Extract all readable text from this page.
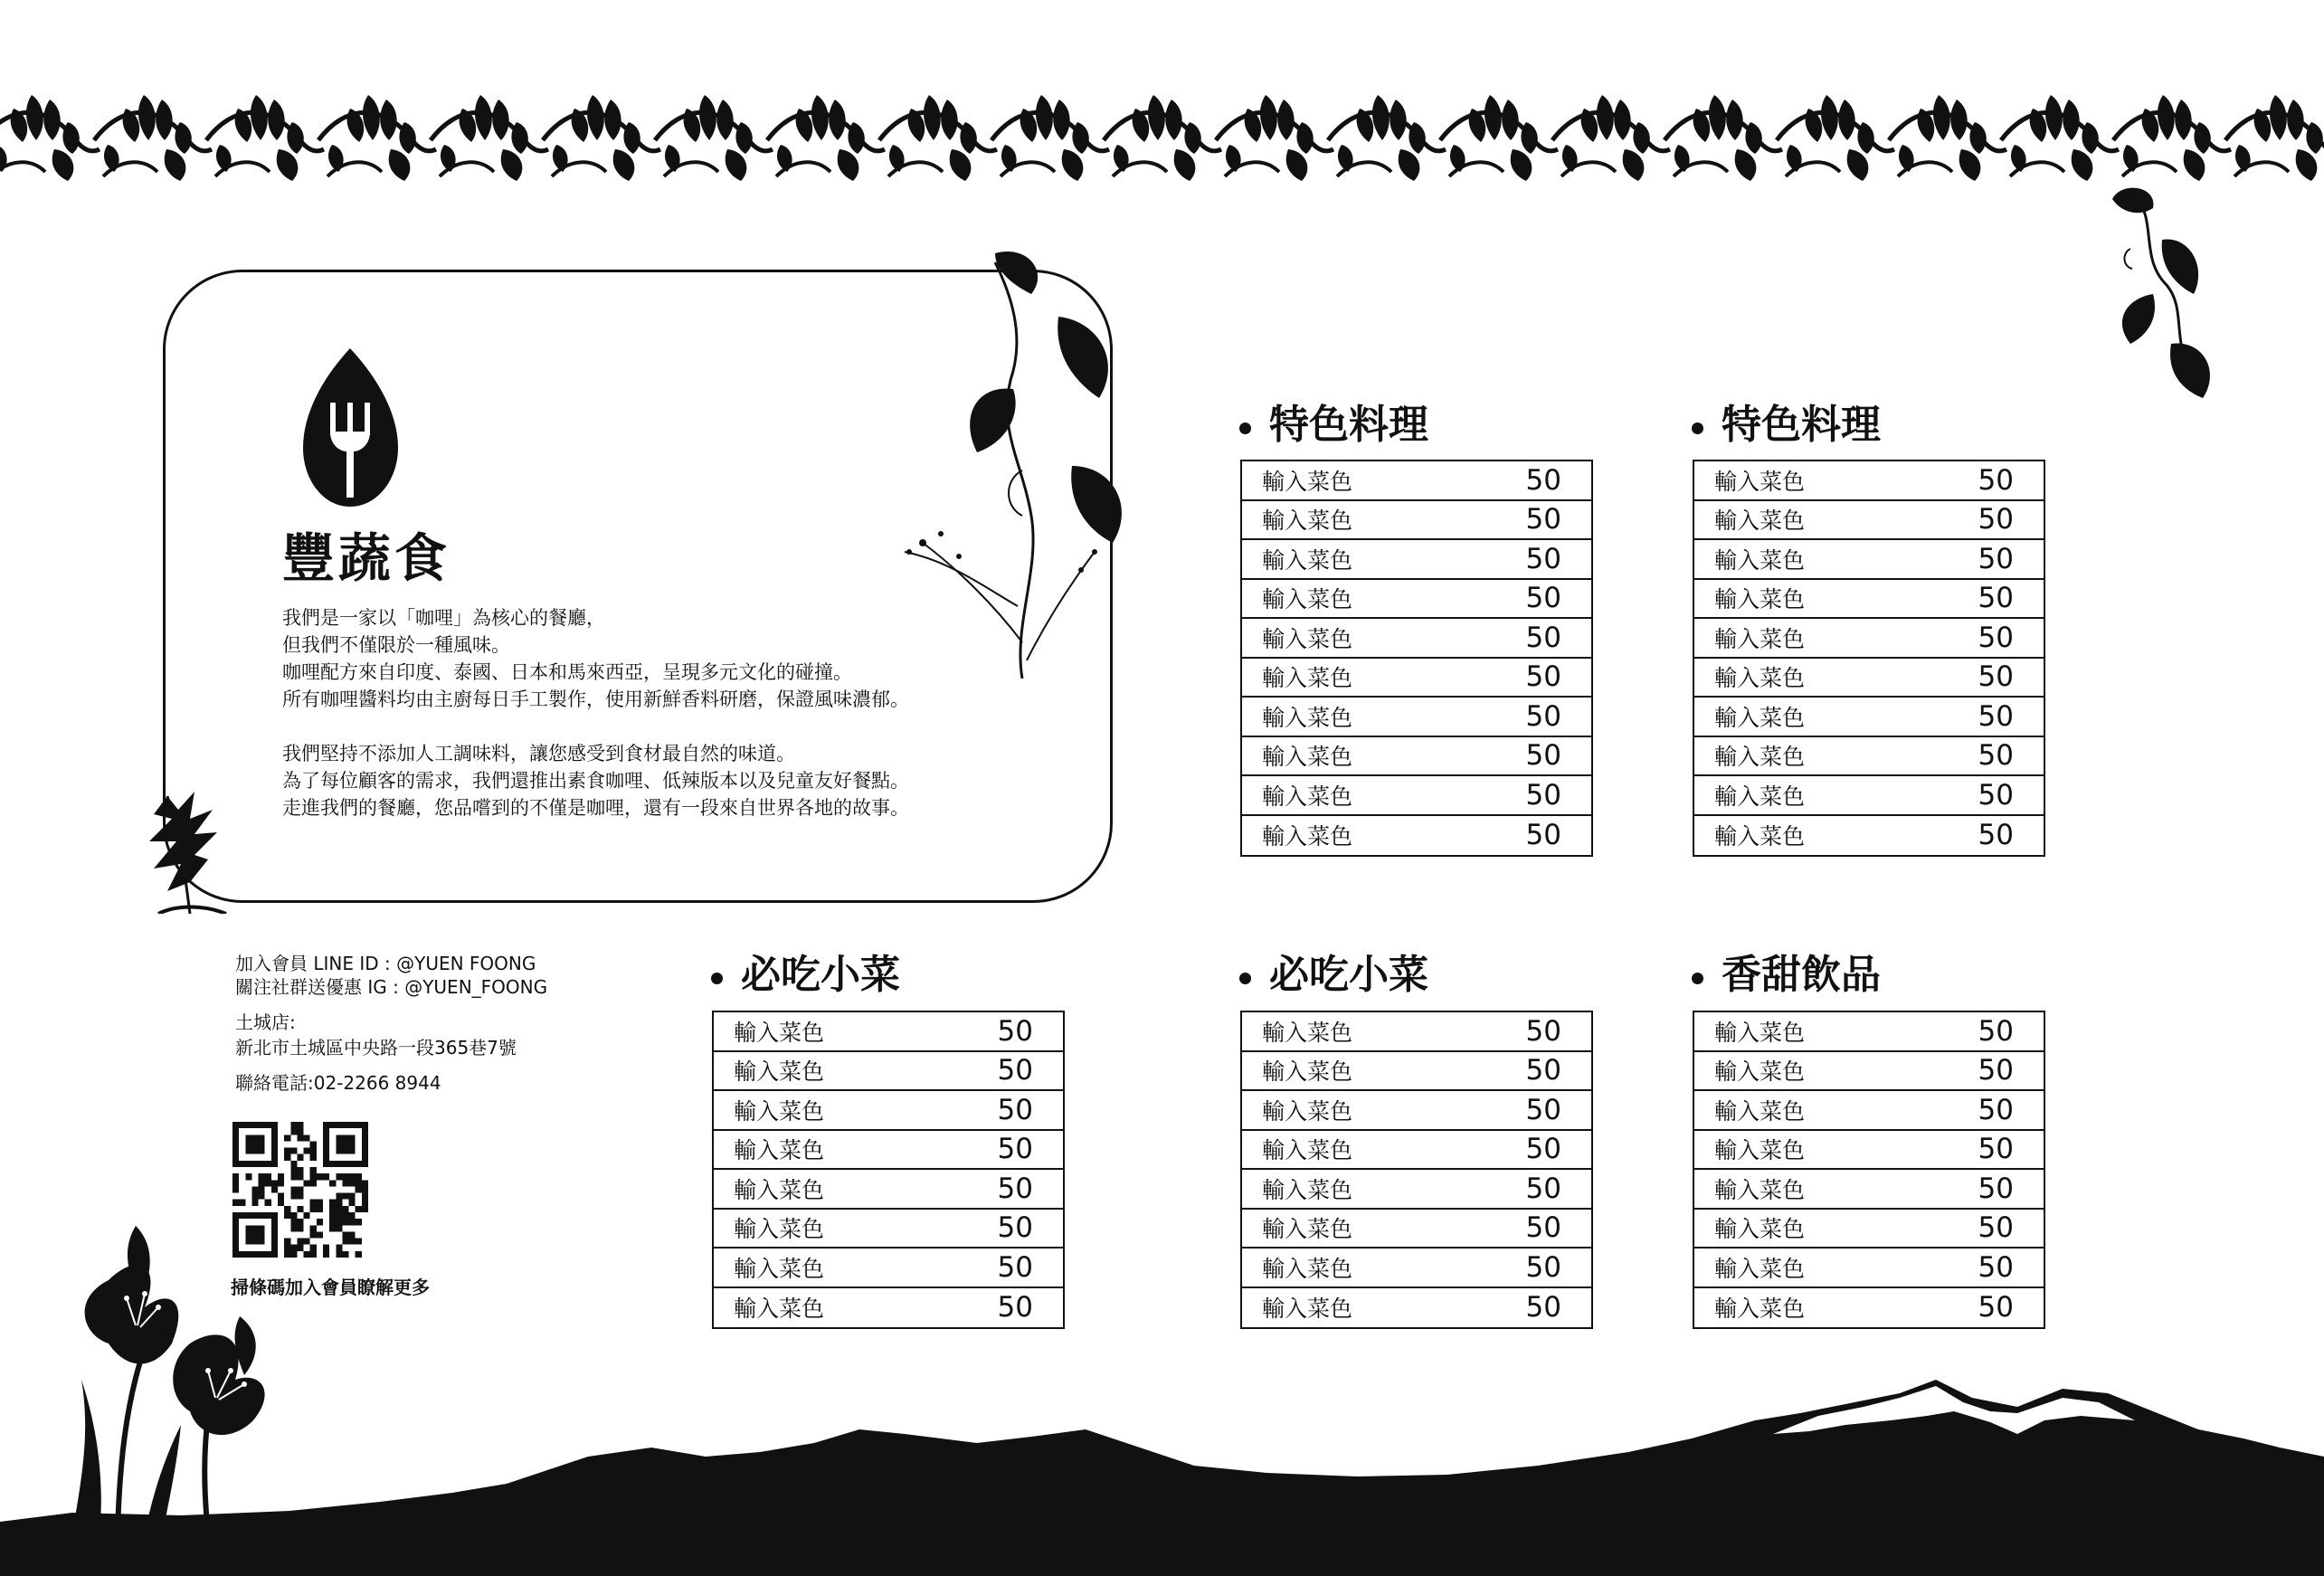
豐蔬食
我們是一家以「咖哩」為核心的餐廳，
但我們不僅限於一種風味。
咖哩配方來自印度、泰國、日本和馬來西亞，呈現多元文化的碰撞。
所有咖哩醬料均由主廚每日手工製作，使用新鮮香料研磨，保證風味濃郁。
我們堅持不添加人工調味料，讓您感受到食材最自然的味道。
為了每位顧客的需求，我們還推出素食咖哩、低辣版本以及兒童友好餐點。
走進我們的餐廳，您品嚐到的不僅是咖哩，還有一段來自世界各地的故事。
加入會員 LINE ID : @YUEN FOONG
關注社群送優惠 IG : @YUEN_FOONG
土城店:
新北市土城區中央路一段365巷7號
聯絡電話:02-2266 8944
掃條碼加入會員瞭解更多
特色料理
輸入菜色	50
輸入菜色	50
輸入菜色	50
輸入菜色	50
輸入菜色	50
輸入菜色	50
輸入菜色	50
輸入菜色	50
輸入菜色	50
輸入菜色	50
特色料理
輸入菜色	50
輸入菜色	50
輸入菜色	50
輸入菜色	50
輸入菜色	50
輸入菜色	50
輸入菜色	50
輸入菜色	50
輸入菜色	50
輸入菜色	50
必吃小菜
輸入菜色	50
輸入菜色	50
輸入菜色	50
輸入菜色	50
輸入菜色	50
輸入菜色	50
輸入菜色	50
輸入菜色	50
必吃小菜
輸入菜色	50
輸入菜色	50
輸入菜色	50
輸入菜色	50
輸入菜色	50
輸入菜色	50
輸入菜色	50
輸入菜色	50
香甜飲品
輸入菜色	50
輸入菜色	50
輸入菜色	50
輸入菜色	50
輸入菜色	50
輸入菜色	50
輸入菜色	50
輸入菜色	50
